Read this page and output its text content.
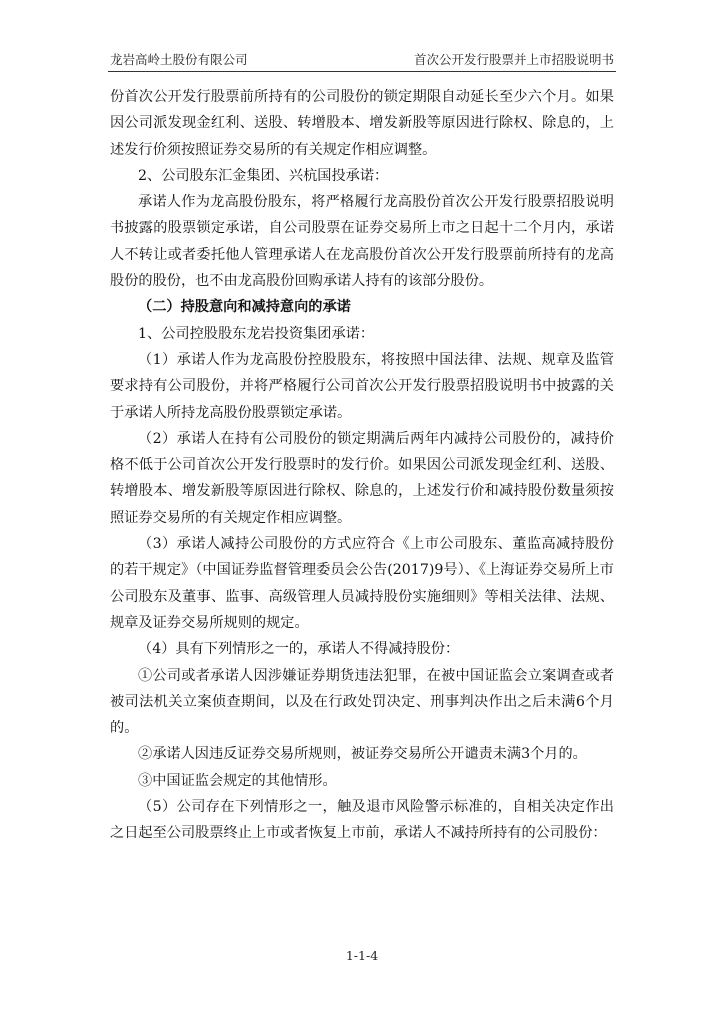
龙岩高岭土股份有限公司	首次公开发行股票并上市招股说明书

份首次公开发行股票前所持有的公司股份的锁定期限自动延长至少六个月。如果因公司派发现金红利、送股、转增股本、增发新股等原因进行除权、除息的，上述发行价须按照证券交易所的有关规定作相应调整。

2、公司股东汇金集团、兴杭国投承诺：

承诺人作为龙高股份股东，将严格履行龙高股份首次公开发行股票招股说明书披露的股票锁定承诺，自公司股票在证券交易所上市之日起十二个月内，承诺人不转让或者委托他人管理承诺人在龙高股份首次公开发行股票前所持有的龙高股份的股份，也不由龙高股份回购承诺人持有的该部分股份。

（二）持股意向和减持意向的承诺

1、公司控股股东龙岩投资集团承诺：

（1）承诺人作为龙高股份控股股东，将按照中国法律、法规、规章及监管要求持有公司股份，并将严格履行公司首次公开发行股票招股说明书中披露的关于承诺人所持龙高股份股票锁定承诺。

（2）承诺人在持有公司股份的锁定期满后两年内减持公司股份的，减持价格不低于公司首次公开发行股票时的发行价。如果因公司派发现金红利、送股、转增股本、增发新股等原因进行除权、除息的，上述发行价和减持股份数量须按照证券交易所的有关规定作相应调整。

（3）承诺人减持公司股份的方式应符合《上市公司股东、董监高减持股份的若干规定》（中国证券监督管理委员会公告(2017)9号）、《上海证券交易所上市公司股东及董事、监事、高级管理人员减持股份实施细则》等相关法律、法规、规章及证券交易所规则的规定。

（4）具有下列情形之一的，承诺人不得减持股份：

①公司或者承诺人因涉嫌证券期货违法犯罪，在被中国证监会立案调查或者被司法机关立案侦查期间，以及在行政处罚决定、刑事判决作出之后未满6个月的。

②承诺人因违反证券交易所规则，被证券交易所公开谴责未满3个月的。

③中国证监会规定的其他情形。

（5）公司存在下列情形之一，触及退市风险警示标准的，自相关决定作出之日起至公司股票终止上市或者恢复上市前，承诺人不减持所持有的公司股份：

1-1-4
